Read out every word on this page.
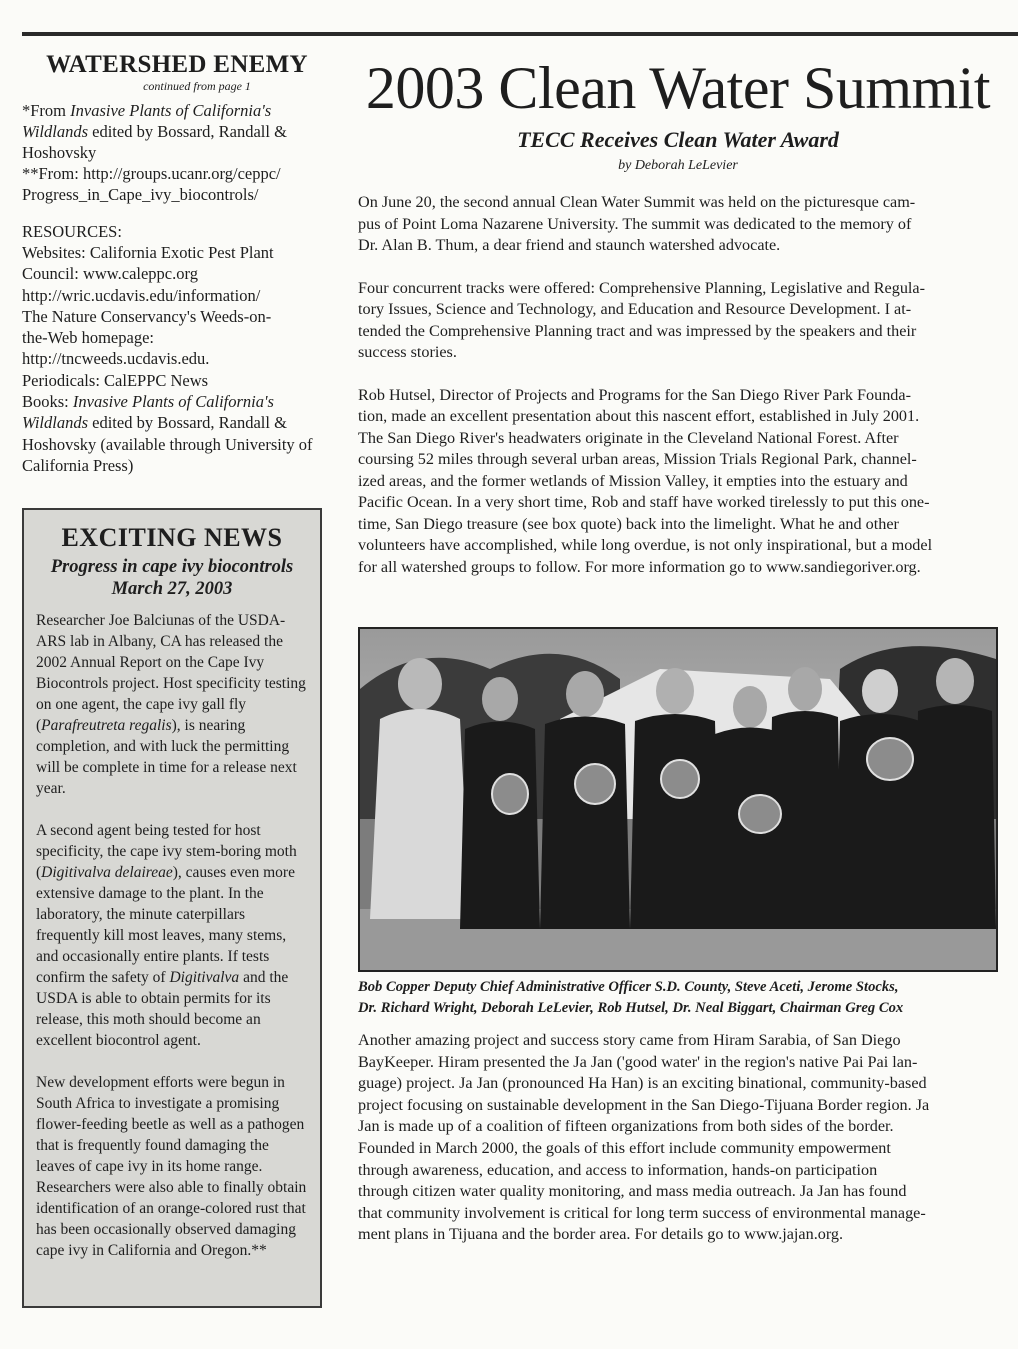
WATERSHED ENEMY
continued from page 1

*From Invasive Plants of California's Wildlands edited by Bossard, Randall & Hoshovsky

**From: http://groups.ucanr.org/ceppc/ Progress_in_Cape_ivy_biocontrols/

RESOURCES:

Websites: California Exotic Pest Plant
Council: www.caleppc.org
http://wric.ucdavis.edu/information/
The Nature Conservancy's Weeds-on-
the-Web homepage:
http://tncweeds.ucdavis.edu.
Periodicals: CalEPPC News

Books: Invasive Plants of California's Wildlands edited by Bossard, Randall & Hoshovsky (available through University of California Press)

EXCITING NEWS

Progress in cape ivy biocontrols

March 27, 2003

Researcher Joe Balciunas of the USDA-ARS lab in Albany, CA has released the 2002 Annual Report on the Cape Ivy Biocontrols project. Host specificity testing on one agent, the cape ivy gall fly (Parafreutreta regalis), is nearing completion, and with luck the permitting will be complete in time for a release next year.

A second agent being tested for host specificity, the cape ivy stem-boring moth (Digitivalva delaireae), causes even more extensive damage to the plant. In the laboratory, the minute caterpillars frequently kill most leaves, many stems, and occasionally entire plants. If tests confirm the safety of Digitivalva and the USDA is able to obtain permits for its release, this moth should become an excellent biocontrol agent.

New development efforts were begun in South Africa to investigate a promising flower-feeding beetle as well as a pathogen that is frequently found damaging the leaves of cape ivy in its home range. Researchers were also able to finally obtain identification of an orange-colored rust that has been occasionally observed damaging cape ivy in California and Oregon.**

2003 Clean Water Summit

TECC Receives Clean Water Award

by Deborah LeLevier

On June 20, the second annual Clean Water Summit was held on the picturesque cam-
pus of Point Loma Nazarene University. The summit was dedicated to the memory of
Dr. Alan B. Thum, a dear friend and staunch watershed advocate.

Four concurrent tracks were offered: Comprehensive Planning, Legislative and Regula-
tory Issues, Science and Technology, and Education and Resource Development. I at-
tended the Comprehensive Planning tract and was impressed by the speakers and their
success stories.

Rob Hutsel, Director of Projects and Programs for the San Diego River Park Founda-
tion, made an excellent presentation about this nascent effort, established in July 2001.
The San Diego River's headwaters originate in the Cleveland National Forest. After
coursing 52 miles through several urban areas, Mission Trials Regional Park, channel-
ized areas, and the former wetlands of Mission Valley, it empties into the estuary and
Pacific Ocean. In a very short time, Rob and staff have worked tirelessly to put this one-
time, San Diego treasure (see box quote) back into the limelight. What he and other
volunteers have accomplished, while long overdue, is not only inspirational, but a model
for all watershed groups to follow. For more information go to www.sandiegoriver.org.

Bob Copper Deputy Chief Administrative Officer S.D. County, Steve Aceti, Jerome Stocks,
Dr. Richard Wright, Deborah LeLevier, Rob Hutsel, Dr. Neal Biggart, Chairman Greg Cox

Another amazing project and success story came from Hiram Sarabia, of San Diego
BayKeeper. Hiram presented the Ja Jan ('good water' in the region's native Pai Pai lan-
guage) project. Ja Jan (pronounced Ha Han) is an exciting binational, community-based
project focusing on sustainable development in the San Diego-Tijuana Border region. Ja
Jan is made up of a coalition of fifteen organizations from both sides of the border.
Founded in March 2000, the goals of this effort include community empowerment
through awareness, education, and access to information, hands-on participation
through citizen water quality monitoring, and mass media outreach. Ja Jan has found
that community involvement is critical for long term success of environmental manage-
ment plans in Tijuana and the border area. For details go to www.jajan.org.
